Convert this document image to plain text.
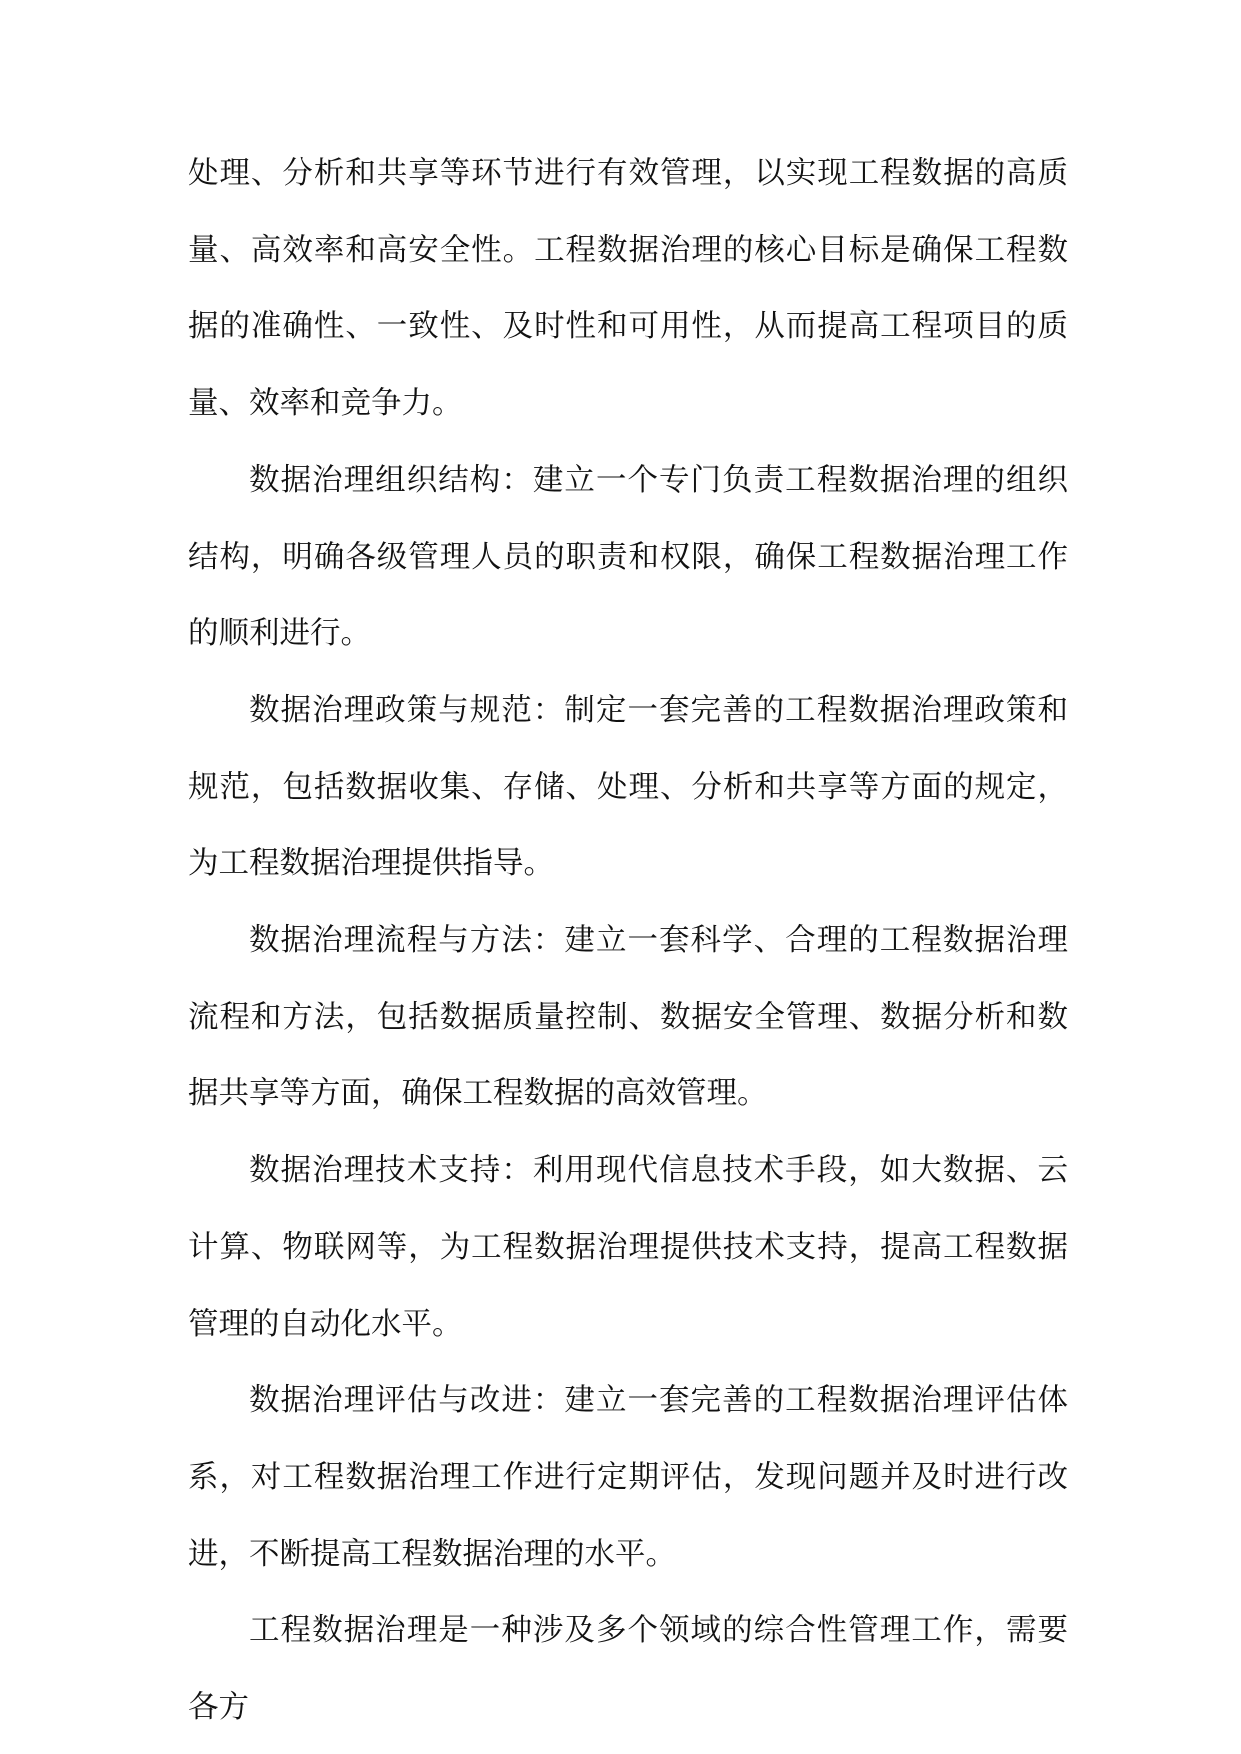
处理、分析和共享等环节进行有效管理，以实现工程数据的高质量、高效率和高安全性。工程数据治理的核心目标是确保工程数据的准确性、一致性、及时性和可用性，从而提高工程项目的质量、效率和竞争力。

数据治理组织结构：建立一个专门负责工程数据治理的组织结构，明确各级管理人员的职责和权限，确保工程数据治理工作的顺利进行。

数据治理政策与规范：制定一套完善的工程数据治理政策和规范，包括数据收集、存储、处理、分析和共享等方面的规定，为工程数据治理提供指导。

数据治理流程与方法：建立一套科学、合理的工程数据治理流程和方法，包括数据质量控制、数据安全管理、数据分析和数据共享等方面，确保工程数据的高效管理。

数据治理技术支持：利用现代信息技术手段，如大数据、云计算、物联网等，为工程数据治理提供技术支持，提高工程数据管理的自动化水平。

数据治理评估与改进：建立一套完善的工程数据治理评估体系，对工程数据治理工作进行定期评估，发现问题并及时进行改进，不断提高工程数据治理的水平。

工程数据治理是一种涉及多个领域的综合性管理工作，需要各方
